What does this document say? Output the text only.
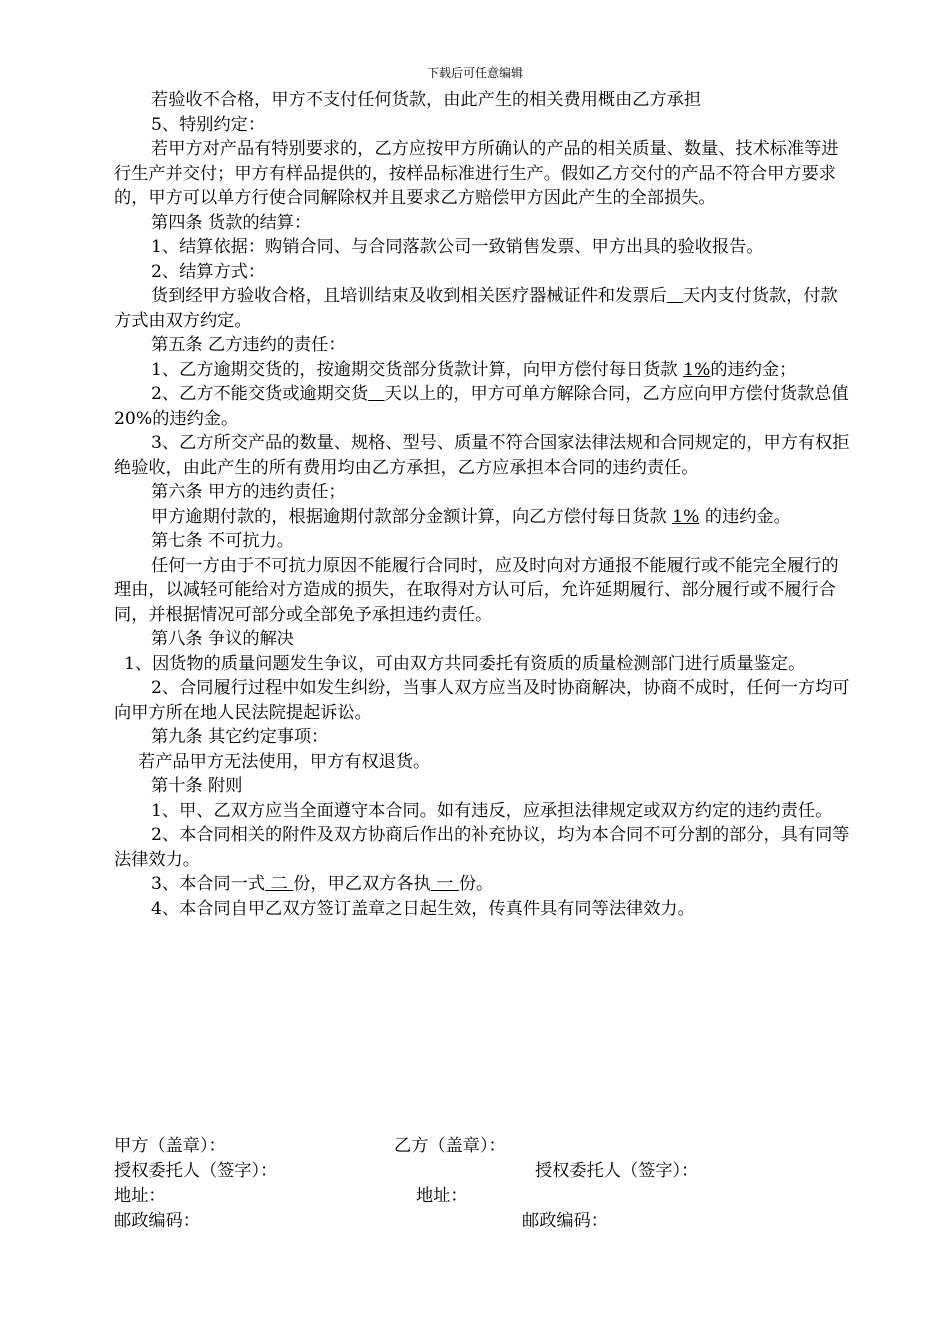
下载后可任意编辑

若验收不合格，甲方不支付任何货款，由此产生的相关费用概由乙方承担

5、特别约定：

若甲方对产品有特别要求的，乙方应按甲方所确认的产品的相关质量、数量、技术标准等进行生产并交付；甲方有样品提供的，按样品标准进行生产。假如乙方交付的产品不符合甲方要求的，甲方可以单方行使合同解除权并且要求乙方赔偿甲方因此产生的全部损失。

第四条 货款的结算：

1、结算依据：购销合同、与合同落款公司一致销售发票、甲方出具的验收报告。

2、结算方式：

货到经甲方验收合格，且培训结束及收到相关医疗器械证件和发票后 天内支付货款，付款方式由双方约定。

第五条 乙方违约的责任：

1、乙方逾期交货的，按逾期交货部分货款计算，向甲方偿付每日货款 1%的违约金；

2、乙方不能交货或逾期交货 天以上的，甲方可单方解除合同，乙方应向甲方偿付货款总值 20%的违约金。

3、乙方所交产品的数量、规格、型号、质量不符合国家法律法规和合同规定的，甲方有权拒绝验收，由此产生的所有费用均由乙方承担，乙方应承担本合同的违约责任。

第六条 甲方的违约责任；

甲方逾期付款的，根据逾期付款部分金额计算，向乙方偿付每日货款 1% 的违约金。

第七条 不可抗力。

任何一方由于不可抗力原因不能履行合同时，应及时向对方通报不能履行或不能完全履行的理由，以减轻可能给对方造成的损失，在取得对方认可后，允许延期履行、部分履行或不履行合同，并根据情况可部分或全部免予承担违约责任。

第八条 争议的解决

1、因货物的质量问题发生争议，可由双方共同委托有资质的质量检测部门进行质量鉴定。

2、合同履行过程中如发生纠纷，当事人双方应当及时协商解决，协商不成时，任何一方均可向甲方所在地人民法院提起诉讼。

第九条 其它约定事项：

若产品甲方无法使用，甲方有权退货。

第十条 附则

1、甲、乙双方应当全面遵守本合同。如有违反，应承担法律规定或双方约定的违约责任。

2、本合同相关的附件及双方协商后作出的补充协议，均为本合同不可分割的部分，具有同等法律效力。

3、本合同一式 二 份，甲乙双方各执 一 份。

4、本合同自甲乙双方签订盖章之日起生效，传真件具有同等法律效力。

甲方（盖章）：	乙方（盖章）：
授权委托人（签字）：	授权委托人（签字）：
地址：	地址：
邮政编码：	邮政编码：
